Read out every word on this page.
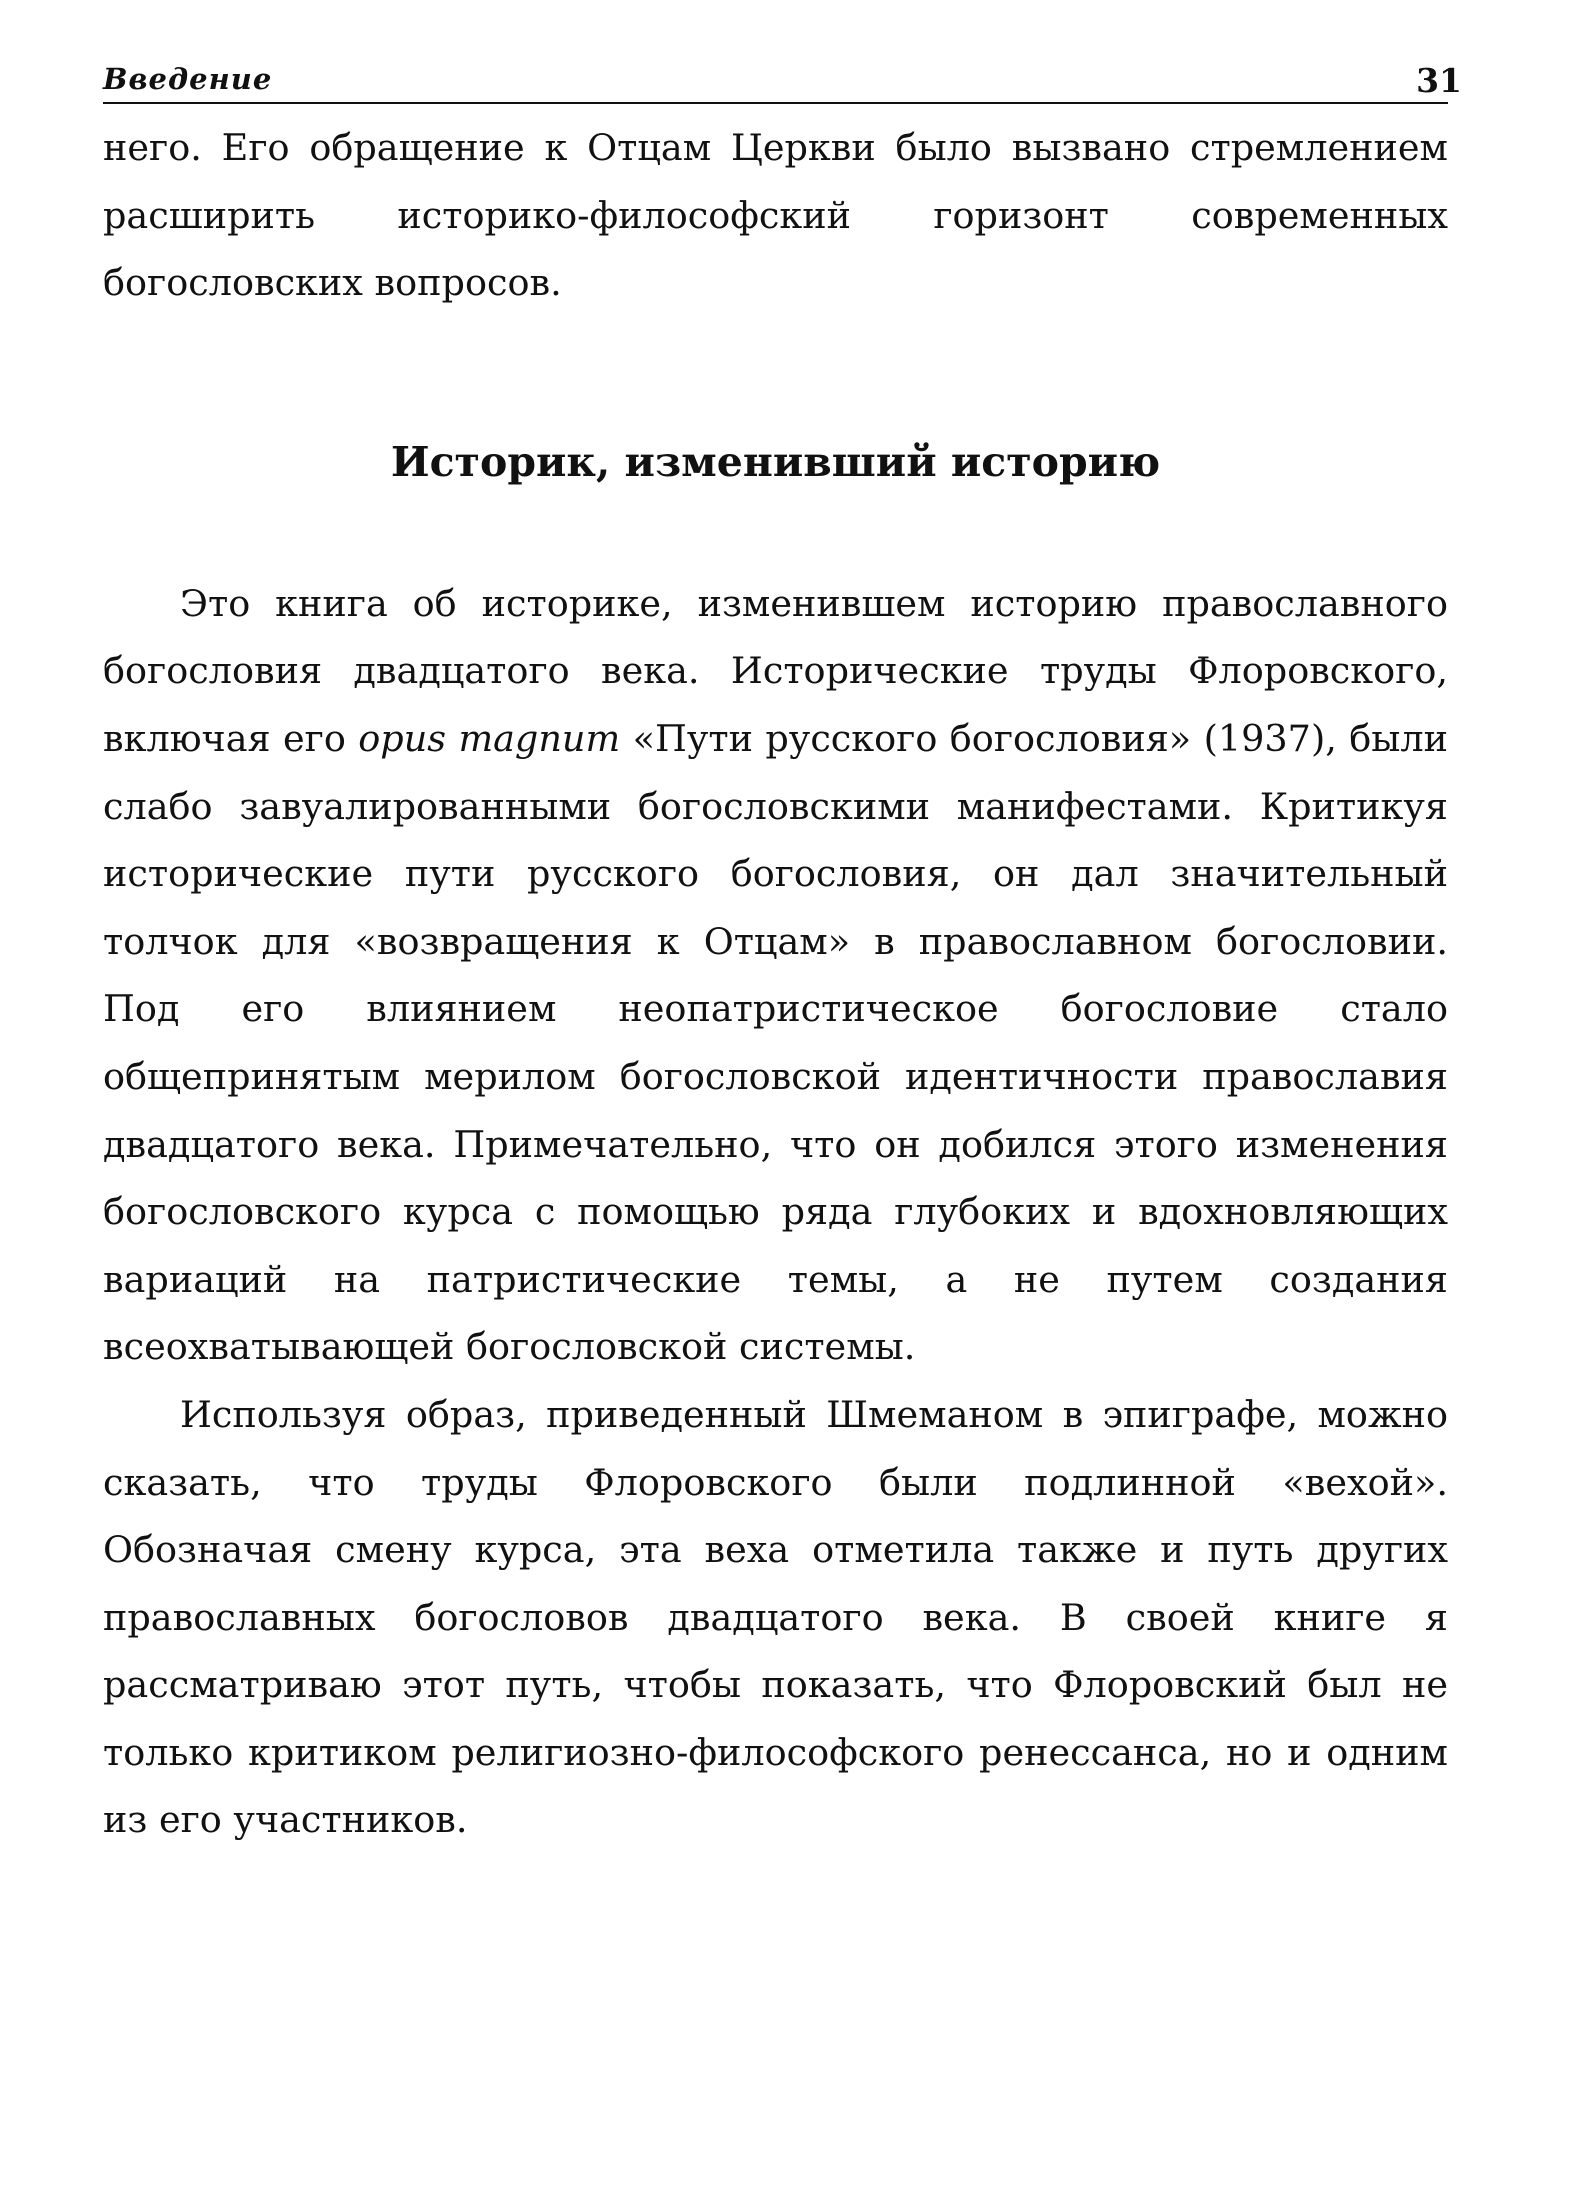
Введение	31

него. Его обращение к Отцам Церкви было вызвано стремлением расширить историко-философский горизонт современных богословских вопросов.

Историк, изменивший историю

Это книга об историке, изменившем историю православного богословия двадцатого века. Исторические труды Флоровского, включая его opus magnum «Пути русского богословия» (1937), были слабо завуалированными богословскими манифестами. Критикуя исторические пути русского богословия, он дал значительный толчок для «возвращения к Отцам» в православном богословии. Под его влиянием неопатристическое богословие стало общепринятым мерилом богословской идентичности православия двадцатого века. Примечательно, что он добился этого изменения богословского курса с помощью ряда глубоких и вдохновляющих вариаций на патристические темы, а не путем создания всеохватывающей богословской системы.

Используя образ, приведенный Шмеманом в эпиграфе, можно сказать, что труды Флоровского были подлинной «вехой». Обозначая смену курса, эта веха отметила также и путь других православных богословов двадцатого века. В своей книге я рассматриваю этот путь, чтобы показать, что Флоровский был не только критиком религиозно-философского ренессанса, но и одним из его участников.
